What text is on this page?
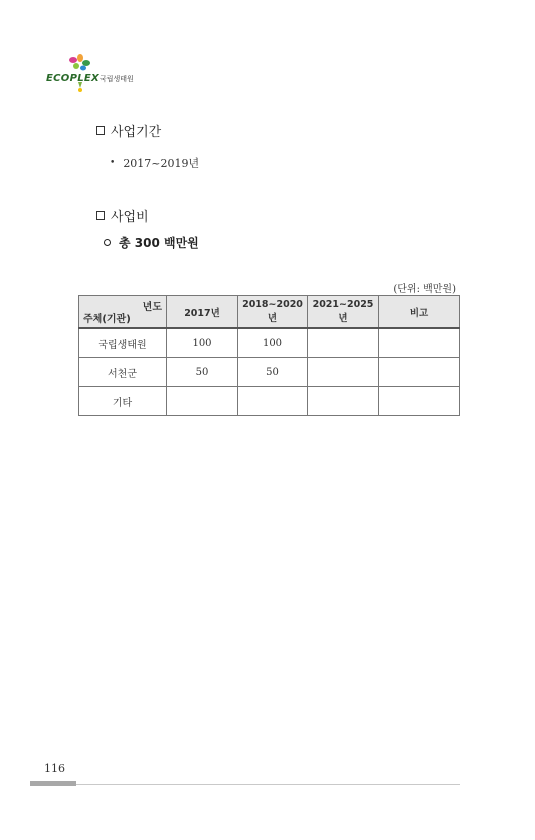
ECOPLEX 국립생태원
사업기간
• 2017~2019년
사업비
총 300 백만원
(단위: 백만원)
년도
주체(기관)	2017년	2018~2020년	2021~2025년	비고
국립생태원	100	100		
서천군	50	50		
기타				
116
